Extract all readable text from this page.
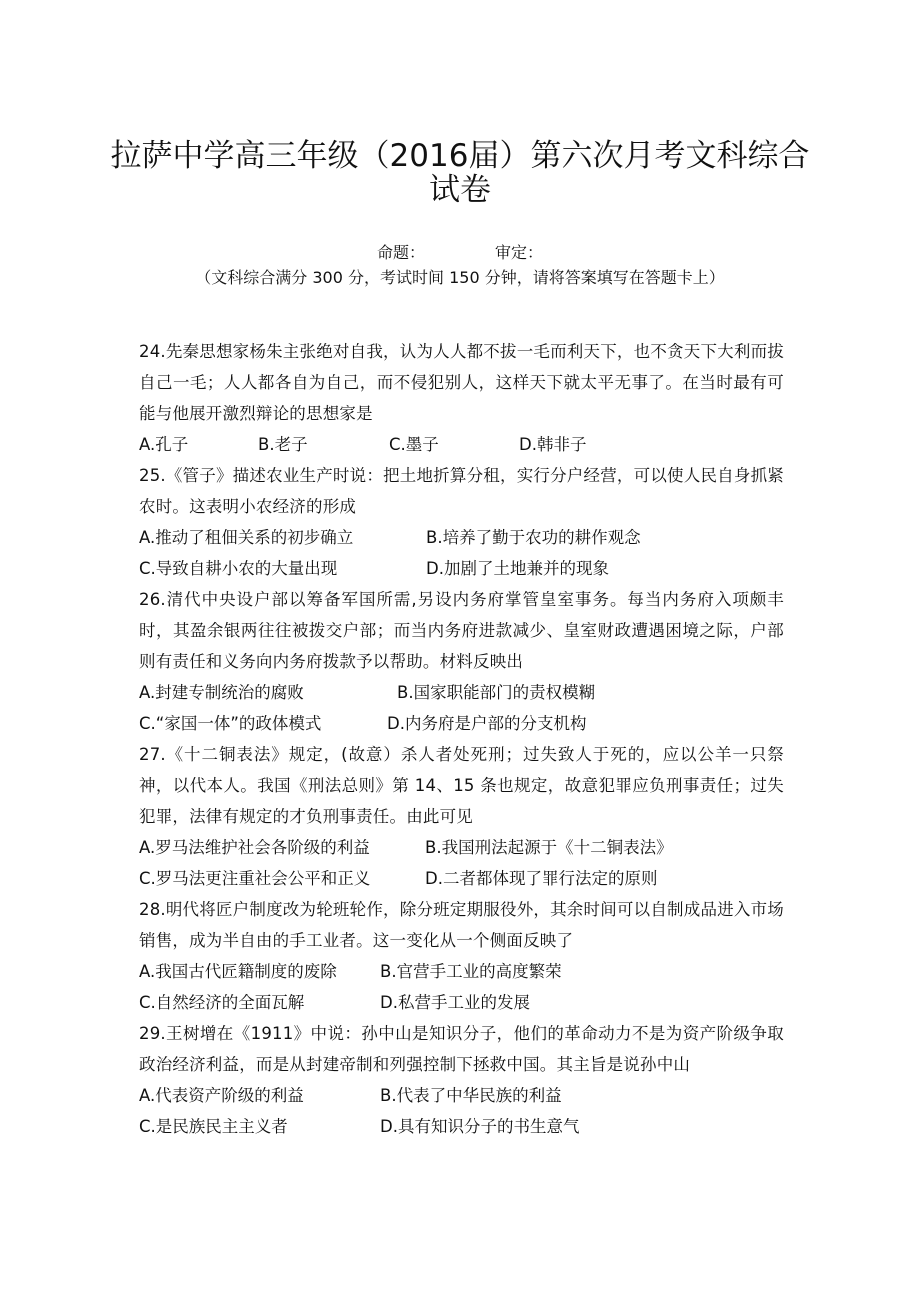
拉萨中学高三年级（2016届）第六次月考文科综合
试卷
命题：	审定：
（文科综合满分 300 分，考试时间 150 分钟，请将答案填写在答题卡上）
24.先秦思想家杨朱主张绝对自我，认为人人都不拔一毛而利天下，也不贪天下大利而拔自己一毛；人人都各自为自己，而不侵犯别人，这样天下就太平无事了。在当时最有可能与他展开激烈辩论的思想家是
A.孔子	B.老子	C.墨子	D.韩非子
25.《管子》描述农业生产时说：把土地折算分租，实行分户经营，可以使人民自身抓紧农时。这表明小农经济的形成
A.推动了租佃关系的初步确立	B.培养了勤于农功的耕作观念
C.导致自耕小农的大量出现	D.加剧了土地兼并的现象
26.清代中央设户部以筹备军国所需,另设内务府掌管皇室事务。每当内务府入项颇丰时，其盈余银两往往被拨交户部；而当内务府进款减少、皇室财政遭遇困境之际，户部则有责任和义务向内务府拨款予以帮助。材料反映出
A.封建专制统治的腐败	B.国家职能部门的责权模糊
C.“家国一体”的政体模式	D.内务府是户部的分支机构
27.《十二铜表法》规定，(故意）杀人者处死刑；过失致人于死的，应以公羊一只祭神，以代本人。我国《刑法总则》第 14、15 条也规定，故意犯罪应负刑事责任；过失犯罪，法律有规定的才负刑事责任。由此可见
A.罗马法维护社会各阶级的利益	B.我国刑法起源于《十二铜表法》
C.罗马法更注重社会公平和正义	D.二者都体现了罪行法定的原则
28.明代将匠户制度改为轮班轮作，除分班定期服役外，其余时间可以自制成品进入市场销售，成为半自由的手工业者。这一变化从一个侧面反映了
A.我国古代匠籍制度的废除	B.官营手工业的高度繁荣
C.自然经济的全面瓦解	D.私营手工业的发展
29.王树增在《1911》中说：孙中山是知识分子，他们的革命动力不是为资产阶级争取政治经济利益，而是从封建帝制和列强控制下拯救中国。其主旨是说孙中山
A.代表资产阶级的利益	B.代表了中华民族的利益
C.是民族民主主义者	D.具有知识分子的书生意气
